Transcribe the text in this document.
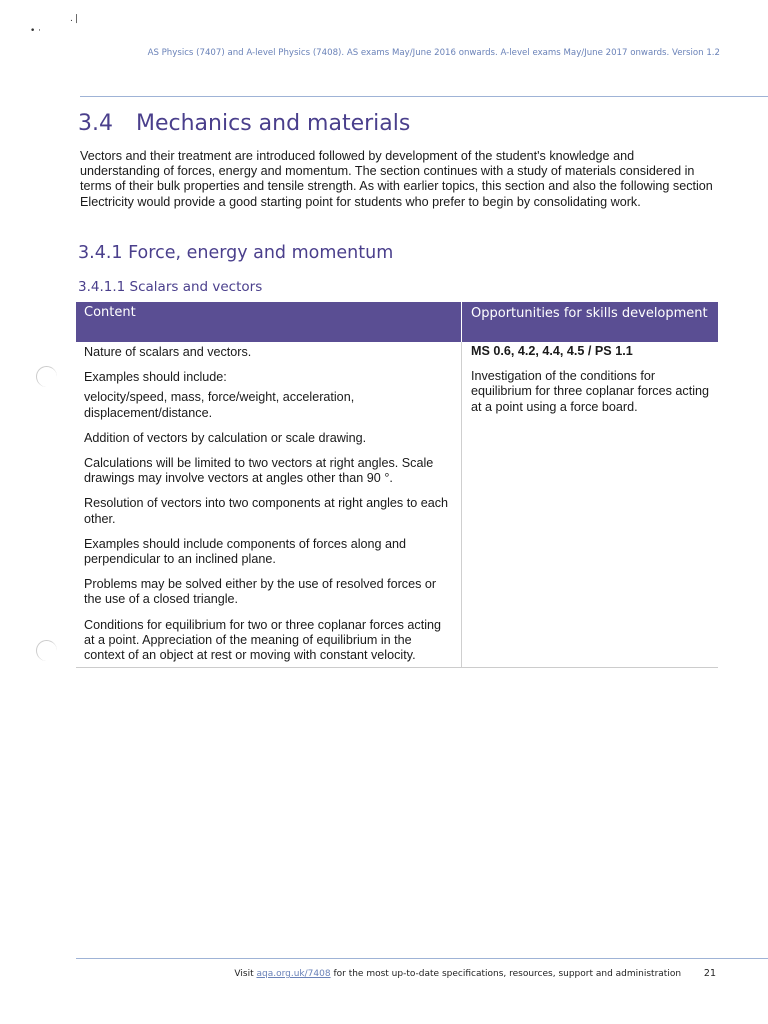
• ·
.❘
AS Physics (7407) and A-level Physics (7408). AS exams May/June 2016 onwards. A-level exams May/June 2017 onwards. Version 1.2
3.4 Mechanics and materials

Vectors and their treatment are introduced followed by development of the student's knowledge and understanding of forces, energy and momentum. The section continues with a study of materials considered in terms of their bulk properties and tensile strength. As with earlier topics, this section and also the following section Electricity would provide a good starting point for students who prefer to begin by consolidating work.

3.4.1 Force, energy and momentum
3.4.1.1 Scalars and vectors
Content	Opportunities for skills development

Nature of scalars and vectors.

Examples should include:

velocity/speed, mass, force/weight, acceleration, displacement/distance.

Addition of vectors by calculation or scale drawing.

Calculations will be limited to two vectors at right angles. Scale drawings may involve vectors at angles other than 90 °.

Resolution of vectors into two components at right angles to each other.

Examples should include components of forces along and perpendicular to an inclined plane.

Problems may be solved either by the use of resolved forces or the use of a closed triangle.

Conditions for equilibrium for two or three coplanar forces acting at a point. Appreciation of the meaning of equilibrium in the context of an object at rest or moving with constant velocity.

MS 0.6, 4.2, 4.4, 4.5 / PS 1.1
Investigation of the conditions for equilibrium for three coplanar forces acting at a point using a force board.
Visit aqa.org.uk/7408 for the most up-to-date specifications, resources, support and administration 21
